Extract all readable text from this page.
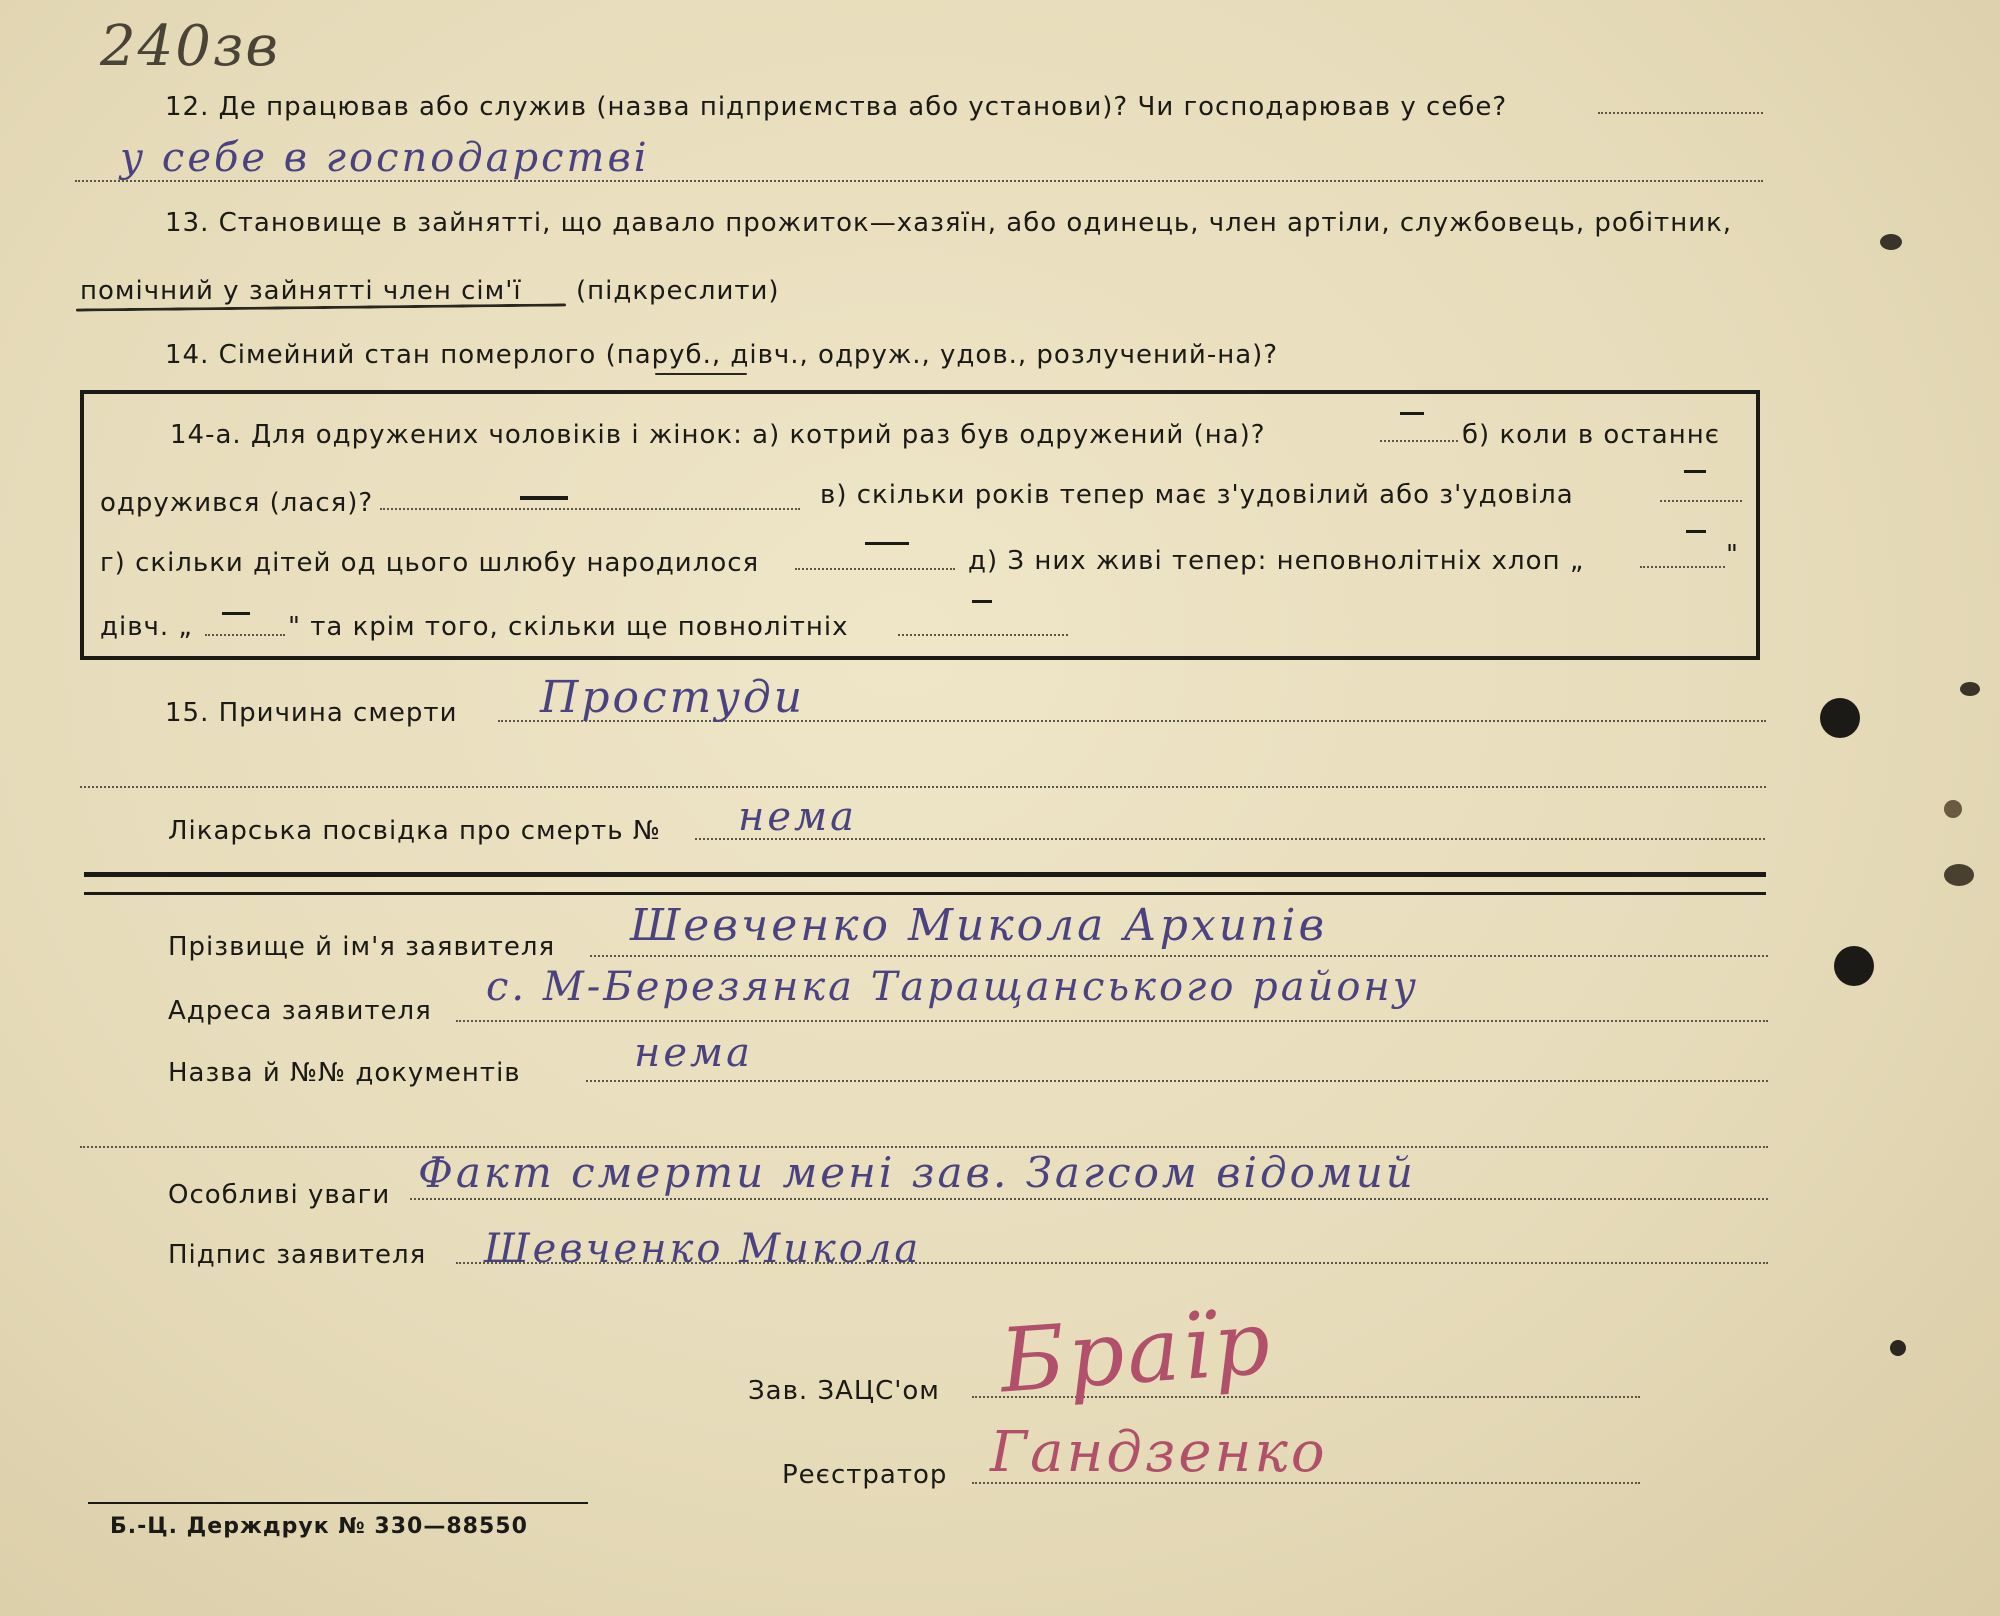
240зв
12. Де працював або служив (назва підприємства або установи)? Чи господарював у себе?
у себе в господарстві
13. Становище в зайнятті, що давало прожиток—хазяїн, або одинець, член артіли, службовець, робітник,
помічний у зайнятті член сім'ї (підкреслити)
14. Сімейний стан померлого (паруб., дівч., одруж., удов., розлучений-на)?
14-а. Для одружених чоловіків і жінок: а) котрий раз був одружений (на)?	б) коли в останнє
одружився (лася)?	в) скільки років тепер має з'удовілий або з'удовіла
г) скільки дітей од цього шлюбу народилося	д) З них живі тепер: неповнолітніх хлоп „	"
дівч. „	" та крім того, скільки ще повнолітніх
15. Причина смерти Простуди
Лікарська посвідка про смерть № нема
Прізвище й ім'я заявителя Шевченко Микола Архипів
Адреса заявителя
с. М-Березянка Таращанського району
Назва й №№ документів	нема
Особливі уваги Факт смерти мені зав. Загсом відомий
Підпис заявителя Шевченко Микола
Зав. ЗАЦС'ом Браїр
Реєстратор Гандзенко
Б.-Ц. Держдрук № 330—88550
